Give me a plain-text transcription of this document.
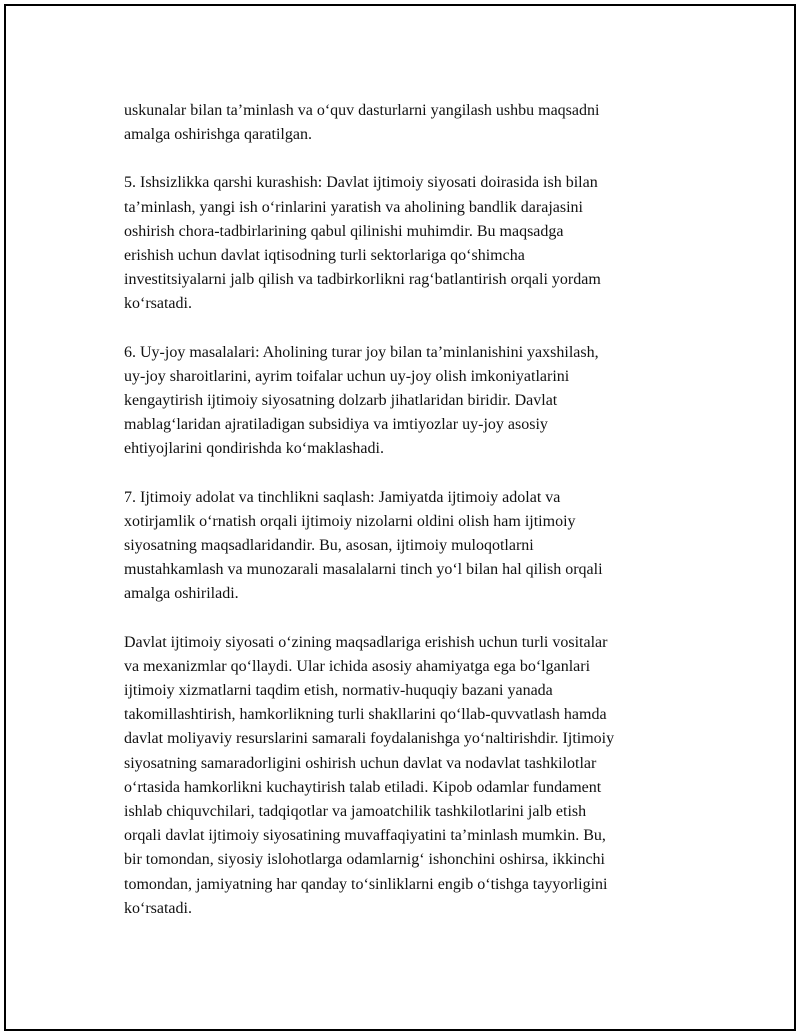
uskunalar bilan taʼminlash va oʻquv dasturlarni yangilash ushbu maqsadni
amalga oshirishga qaratilgan.

5. Ishsizlikka qarshi kurashish: Davlat ijtimoiy siyosati doirasida ish bilan
taʼminlash, yangi ish oʻrinlarini yaratish va aholining bandlik darajasini
oshirish chora-tadbirlarining qabul qilinishi muhimdir. Bu maqsadga
erishish uchun davlat iqtisodning turli sektorlariga qoʻshimcha
investitsiyalarni jalb qilish va tadbirkorlikni ragʻbatlantirish orqali yordam
koʻrsatadi.

6. Uy-joy masalalari: Aholining turar joy bilan taʼminlanishini yaxshilash,
uy-joy sharoitlarini, ayrim toifalar uchun uy-joy olish imkoniyatlarini
kengaytirish ijtimoiy siyosatning dolzarb jihatlaridan biridir. Davlat
mablagʻlaridan ajratiladigan subsidiya va imtiyozlar uy-joy asosiy
ehtiyojlarini qondirishda koʻmaklashadi.

7. Ijtimoiy adolat va tinchlikni saqlash: Jamiyatda ijtimoiy adolat va
xotirjamlik oʻrnatish orqali ijtimoiy nizolarni oldini olish ham ijtimoiy
siyosatning maqsadlaridandir. Bu, asosan, ijtimoiy muloqotlarni
mustahkamlash va munozarali masalalarni tinch yoʻl bilan hal qilish orqali
amalga oshiriladi.

Davlat ijtimoiy siyosati oʻzining maqsadlariga erishish uchun turli vositalar
va mexanizmlar qoʻllaydi. Ular ichida asosiy ahamiyatga ega boʻlganlari
ijtimoiy xizmatlarni taqdim etish, normativ-huquqiy bazani yanada
takomillashtirish, hamkorlikning turli shakllarini qoʻllab-quvvatlash hamda
davlat moliyaviy resurslarini samarali foydalanishga yoʻnaltirishdir. Ijtimoiy
siyosatning samaradorligini oshirish uchun davlat va nodavlat tashkilotlar
oʻrtasida hamkorlikni kuchaytirish talab etiladi. Kipob odamlar fundament
ishlab chiquvchilari, tadqiqotlar va jamoatchilik tashkilotlarini jalb etish
orqali davlat ijtimoiy siyosatining muvaffaqiyatini taʼminlash mumkin. Bu,
bir tomondan, siyosiy islohotlarga odamlarnigʻ ishonchini oshirsa, ikkinchi
tomondan, jamiyatning har qanday toʻsinliklarni engib oʻtishga tayyorligini
koʻrsatadi.
